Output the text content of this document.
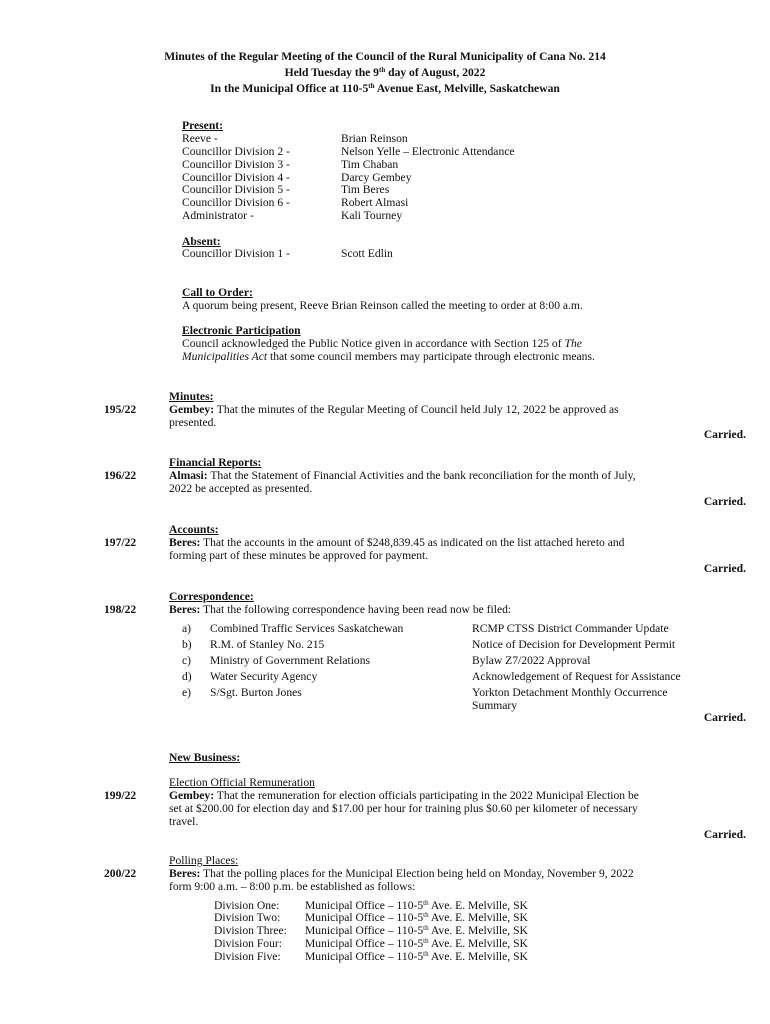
Minutes of the Regular Meeting of the Council of the Rural Municipality of Cana No. 214
Held Tuesday the 9th day of August, 2022
In the Municipal Office at 110-5th Avenue East, Melville, Saskatchewan
Present:
Reeve -	Brian Reinson
Councillor Division 2 -	Nelson Yelle – Electronic Attendance
Councillor Division 3 -	Tim Chaban
Councillor Division 4 -	Darcy Gembey
Councillor Division 5 -	Tim Beres
Councillor Division 6 -	Robert Almasi
Administrator -	Kali Tourney
Absent:
Councillor Division 1 -	Scott Edlin
Call to Order:
A quorum being present, Reeve Brian Reinson called the meeting to order at 8:00 a.m.
Electronic Participation
Council acknowledged the Public Notice given in accordance with Section 125 of The
Municipalities Act that some council members may participate through electronic means.
Minutes:
195/22	Gembey: That the minutes of the Regular Meeting of Council held July 12, 2022 be approved as
presented.
Carried.
Financial Reports:
196/22	Almasi: That the Statement of Financial Activities and the bank reconciliation for the month of July,
2022 be accepted as presented.
Carried.
Accounts:
197/22	Beres: That the accounts in the amount of $248,839.45 as indicated on the list attached hereto and
forming part of these minutes be approved for payment.
Carried.
Correspondence:
198/22	Beres: That the following correspondence having been read now be filed:
a) Combined Traffic Services Saskatchewan	RCMP CTSS District Commander Update
b) R.M. of Stanley No. 215	Notice of Decision for Development Permit
c) Ministry of Government Relations	Bylaw Z7/2022 Approval
d) Water Security Agency	Acknowledgement of Request for Assistance
e) S/Sgt. Burton Jones	Yorkton Detachment Monthly Occurrence
Summary
Carried.
New Business:
Election Official Remuneration
199/22	Gembey: That the remuneration for election officials participating in the 2022 Municipal Election be
set at $200.00 for election day and $17.00 per hour for training plus $0.60 per kilometer of necessary
travel.
Carried.
Polling Places:
200/22	Beres: That the polling places for the Municipal Election being held on Monday, November 9, 2022
form 9:00 a.m. – 8:00 p.m. be established as follows:
Division One: Municipal Office – 110-5th Ave. E. Melville, SK
Division Two: Municipal Office – 110-5th Ave. E. Melville, SK
Division Three: Municipal Office – 110-5th Ave. E. Melville, SK
Division Four: Municipal Office – 110-5th Ave. E. Melville, SK
Division Five: Municipal Office – 110-5th Ave. E. Melville, SK
